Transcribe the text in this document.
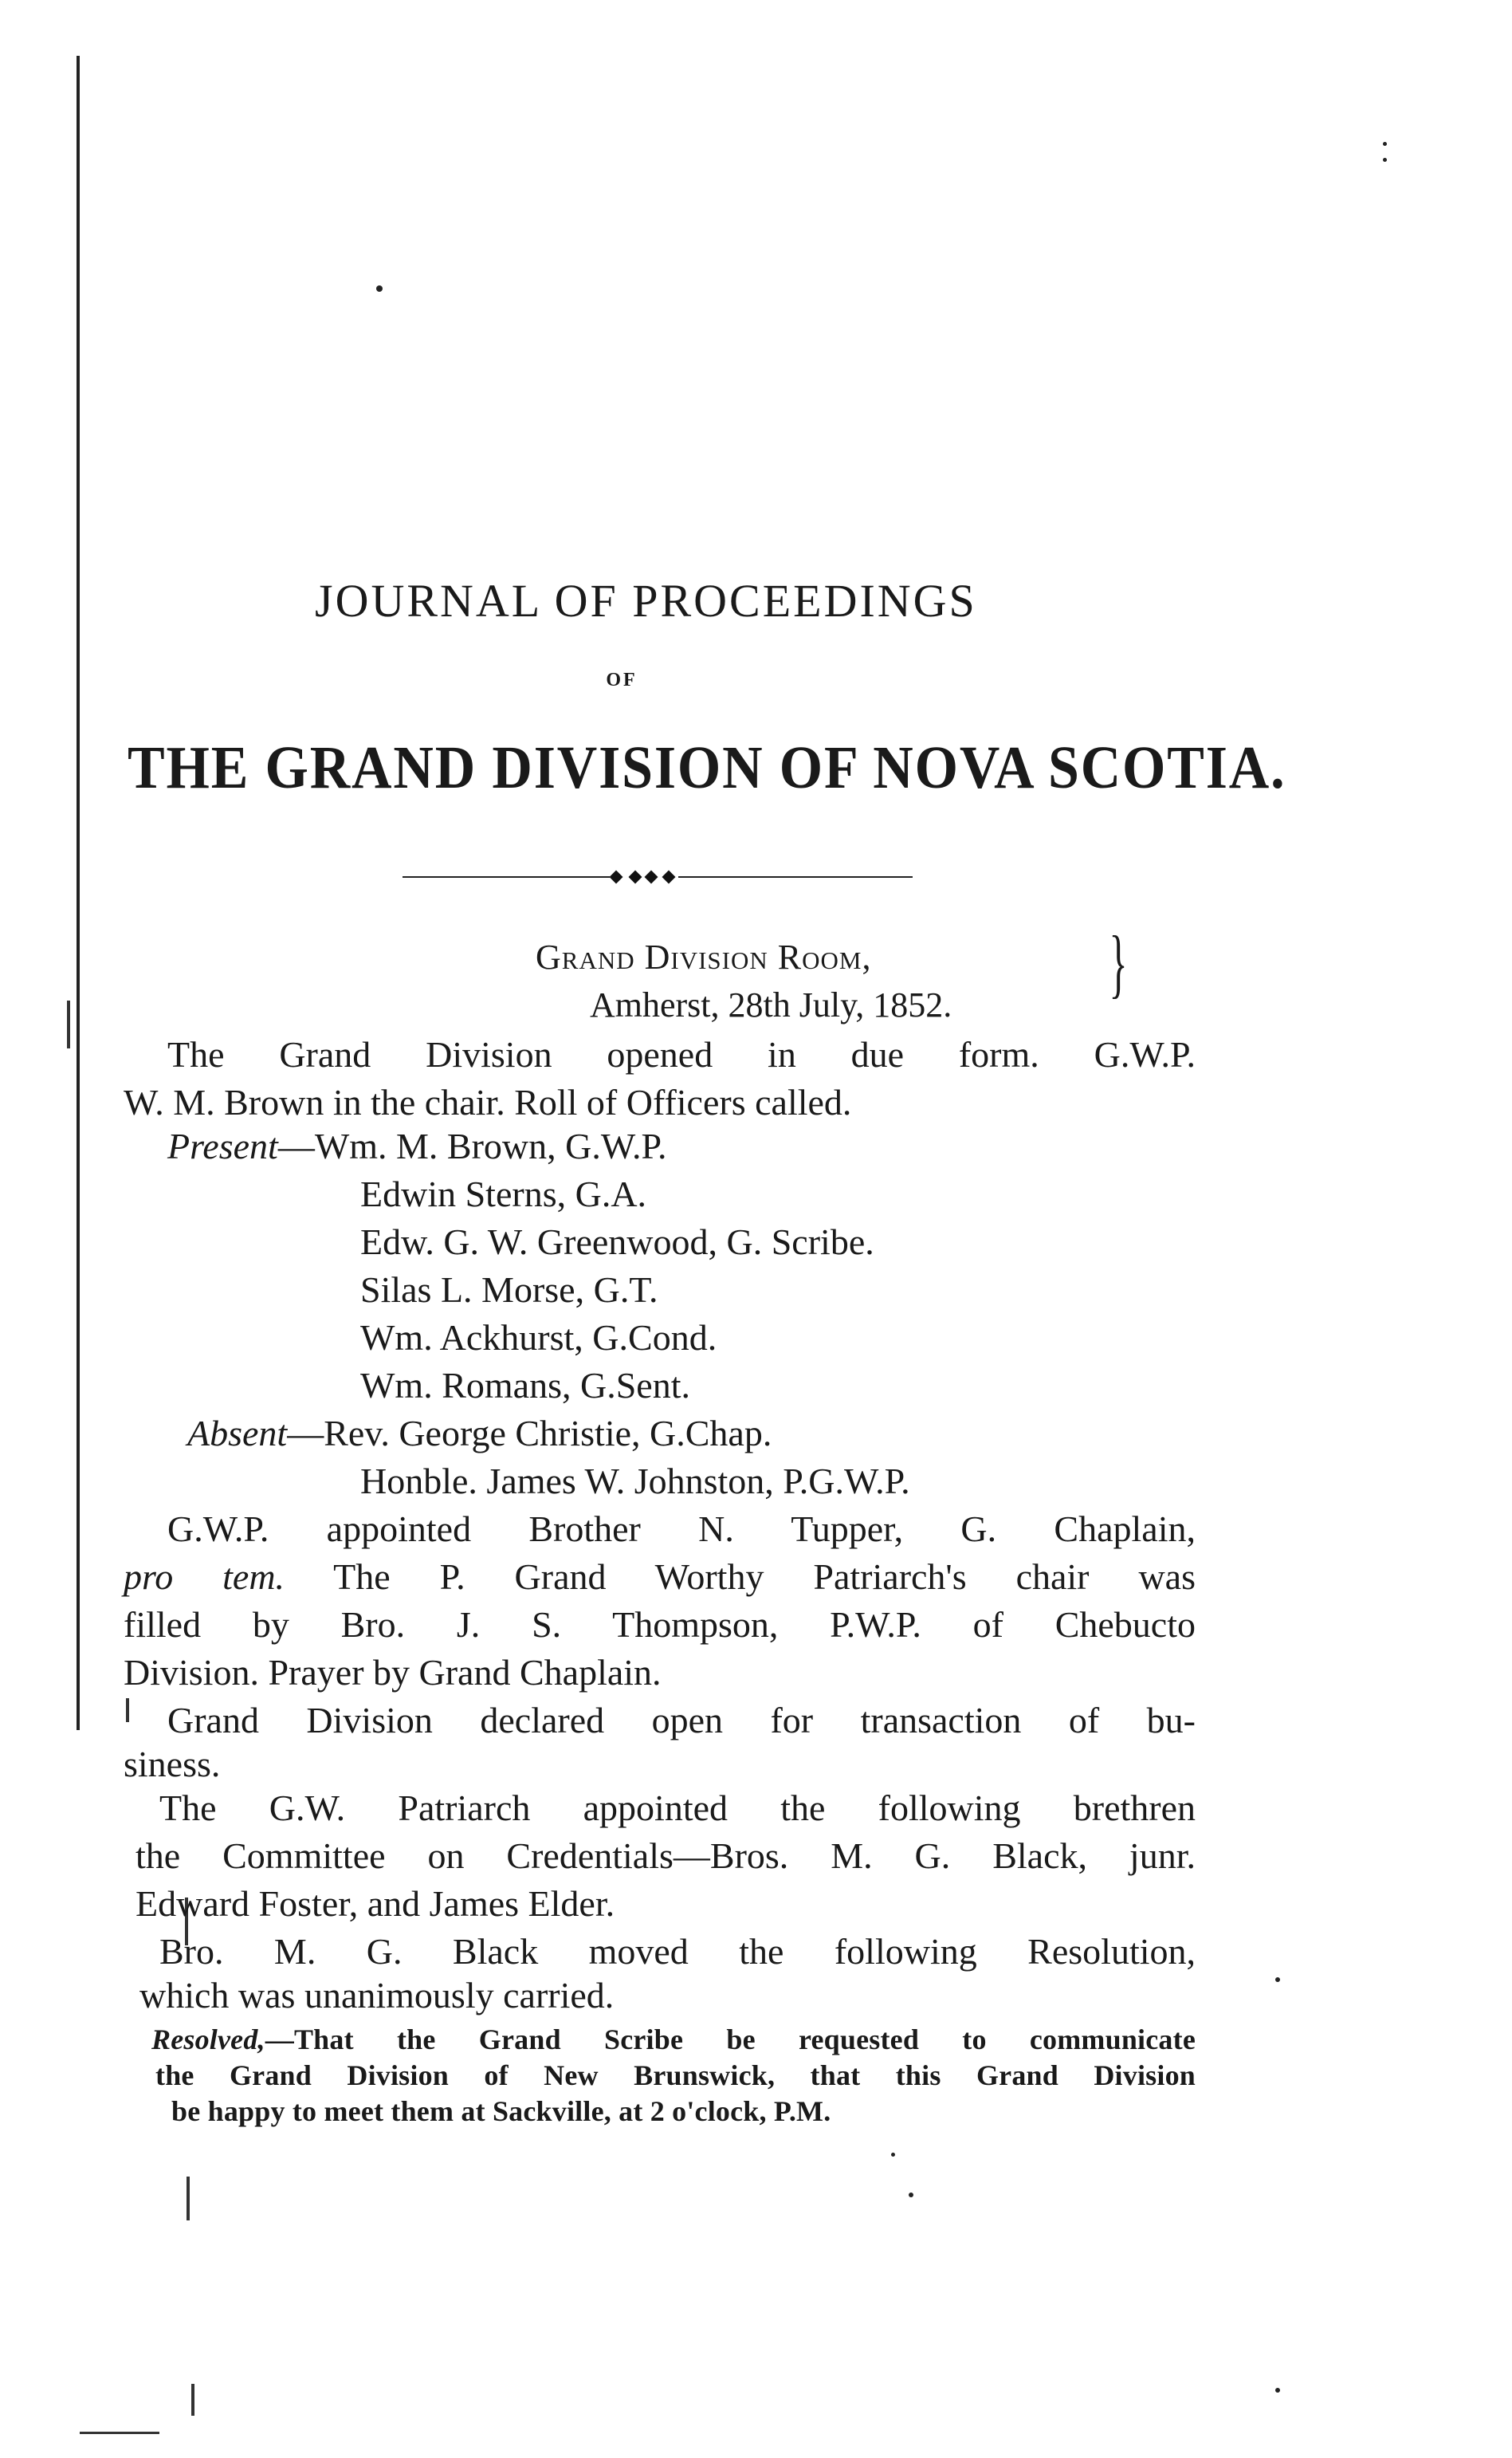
JOURNAL OF PROCEEDINGS
OF
THE GRAND DIVISION OF NOVA SCOTIA.
Grand Division Room,
Amherst, 28th July, 1852. }
The Grand Division opened in due form. G.W.P.
W. M. Brown in the chair. Roll of Officers called.
Present—Wm. M. Brown, G.W.P.
Edwin Sterns, G.A.
Edw. G. W. Greenwood, G. Scribe.
Silas L. Morse, G.T.
Wm. Ackhurst, G.Cond.
Wm. Romans, G.Sent.
Absent—Rev. George Christie, G.Chap.
Honble. James W. Johnston, P.G.W.P.
G.W.P. appointed Brother N. Tupper, G. Chaplain,
pro tem. The P. Grand Worthy Patriarch's chair was
filled by Bro. J. S. Thompson, P.W.P. of Chebucto
Division. Prayer by Grand Chaplain.
Grand Division declared open for transaction of bu-
siness.
The G.W. Patriarch appointed the following brethren
the Committee on Credentials—Bros. M. G. Black, junr.
Edward Foster, and James Elder.
Bro. M. G. Black moved the following Resolution,
which was unanimously carried.
Resolved,—That the Grand Scribe be requested to communicate
the Grand Division of New Brunswick, that this Grand Division
be happy to meet them at Sackville, at 2 o'clock, P.M.
